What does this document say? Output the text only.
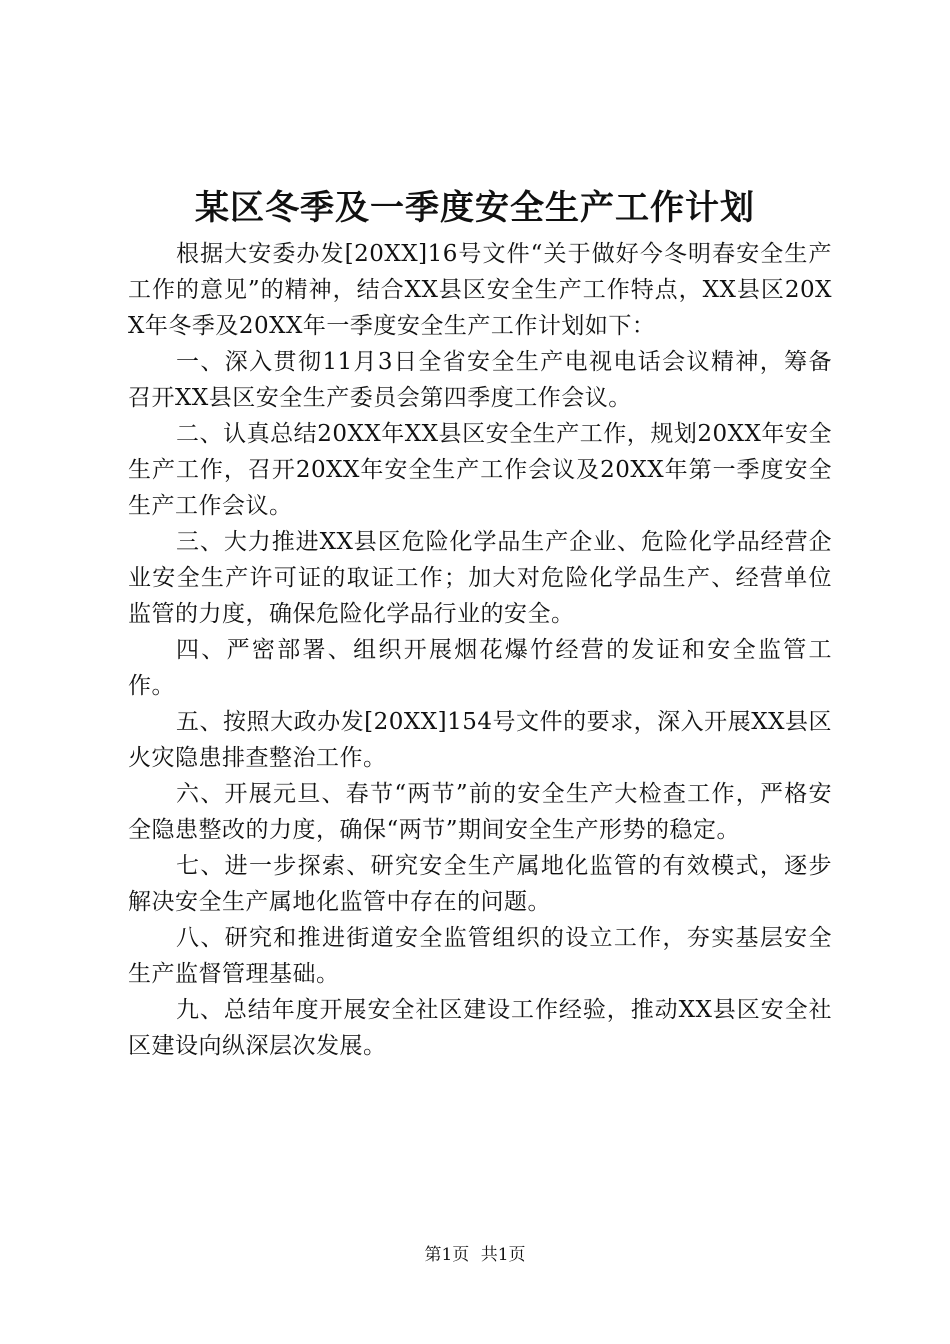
某区冬季及一季度安全生产工作计划

根据大安委办发[20XX]16号文件“关于做好今冬明春安全生产工作的意见”的精神，结合XX县区安全生产工作特点，XX县区20XX年冬季及20XX年一季度安全生产工作计划如下：

一、深入贯彻11月3日全省安全生产电视电话会议精神，筹备召开XX县区安全生产委员会第四季度工作会议。

二、认真总结20XX年XX县区安全生产工作，规划20XX年安全生产工作，召开20XX年安全生产工作会议及20XX年第一季度安全生产工作会议。

三、大力推进XX县区危险化学品生产企业、危险化学品经营企业安全生产许可证的取证工作；加大对危险化学品生产、经营单位监管的力度，确保危险化学品行业的安全。

四、严密部署、组织开展烟花爆竹经营的发证和安全监管工作。

五、按照大政办发[20XX]154号文件的要求，深入开展XX县区火灾隐患排查整治工作。

六、开展元旦、春节“两节”前的安全生产大检查工作，严格安全隐患整改的力度，确保“两节”期间安全生产形势的稳定。

七、进一步探索、研究安全生产属地化监管的有效模式，逐步解决安全生产属地化监管中存在的问题。

八、研究和推进街道安全监管组织的设立工作，夯实基层安全生产监督管理基础。

九、总结年度开展安全社区建设工作经验，推动XX县区安全社区建设向纵深层次发展。

第1页 共1页
